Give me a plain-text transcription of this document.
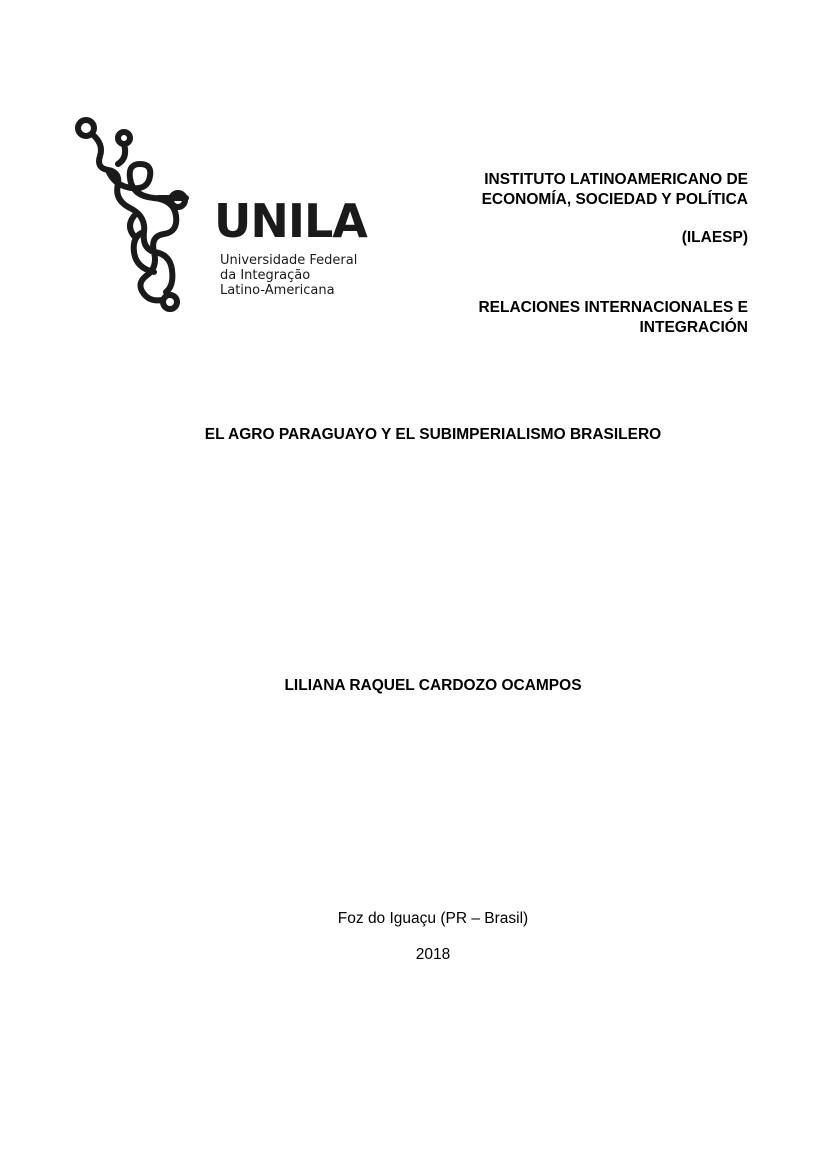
UNILA
Universidade Federal
da Integração
Latino-Americana
INSTITUTO LATINOAMERICANO DE
ECONOMÍA, SOCIEDAD Y POLÍTICA
(ILAESP)
RELACIONES INTERNACIONALES E
INTEGRACIÓN
EL AGRO PARAGUAYO Y EL SUBIMPERIALISMO BRASILERO
LILIANA RAQUEL CARDOZO OCAMPOS
Foz do Iguaçu (PR – Brasil)
2018
